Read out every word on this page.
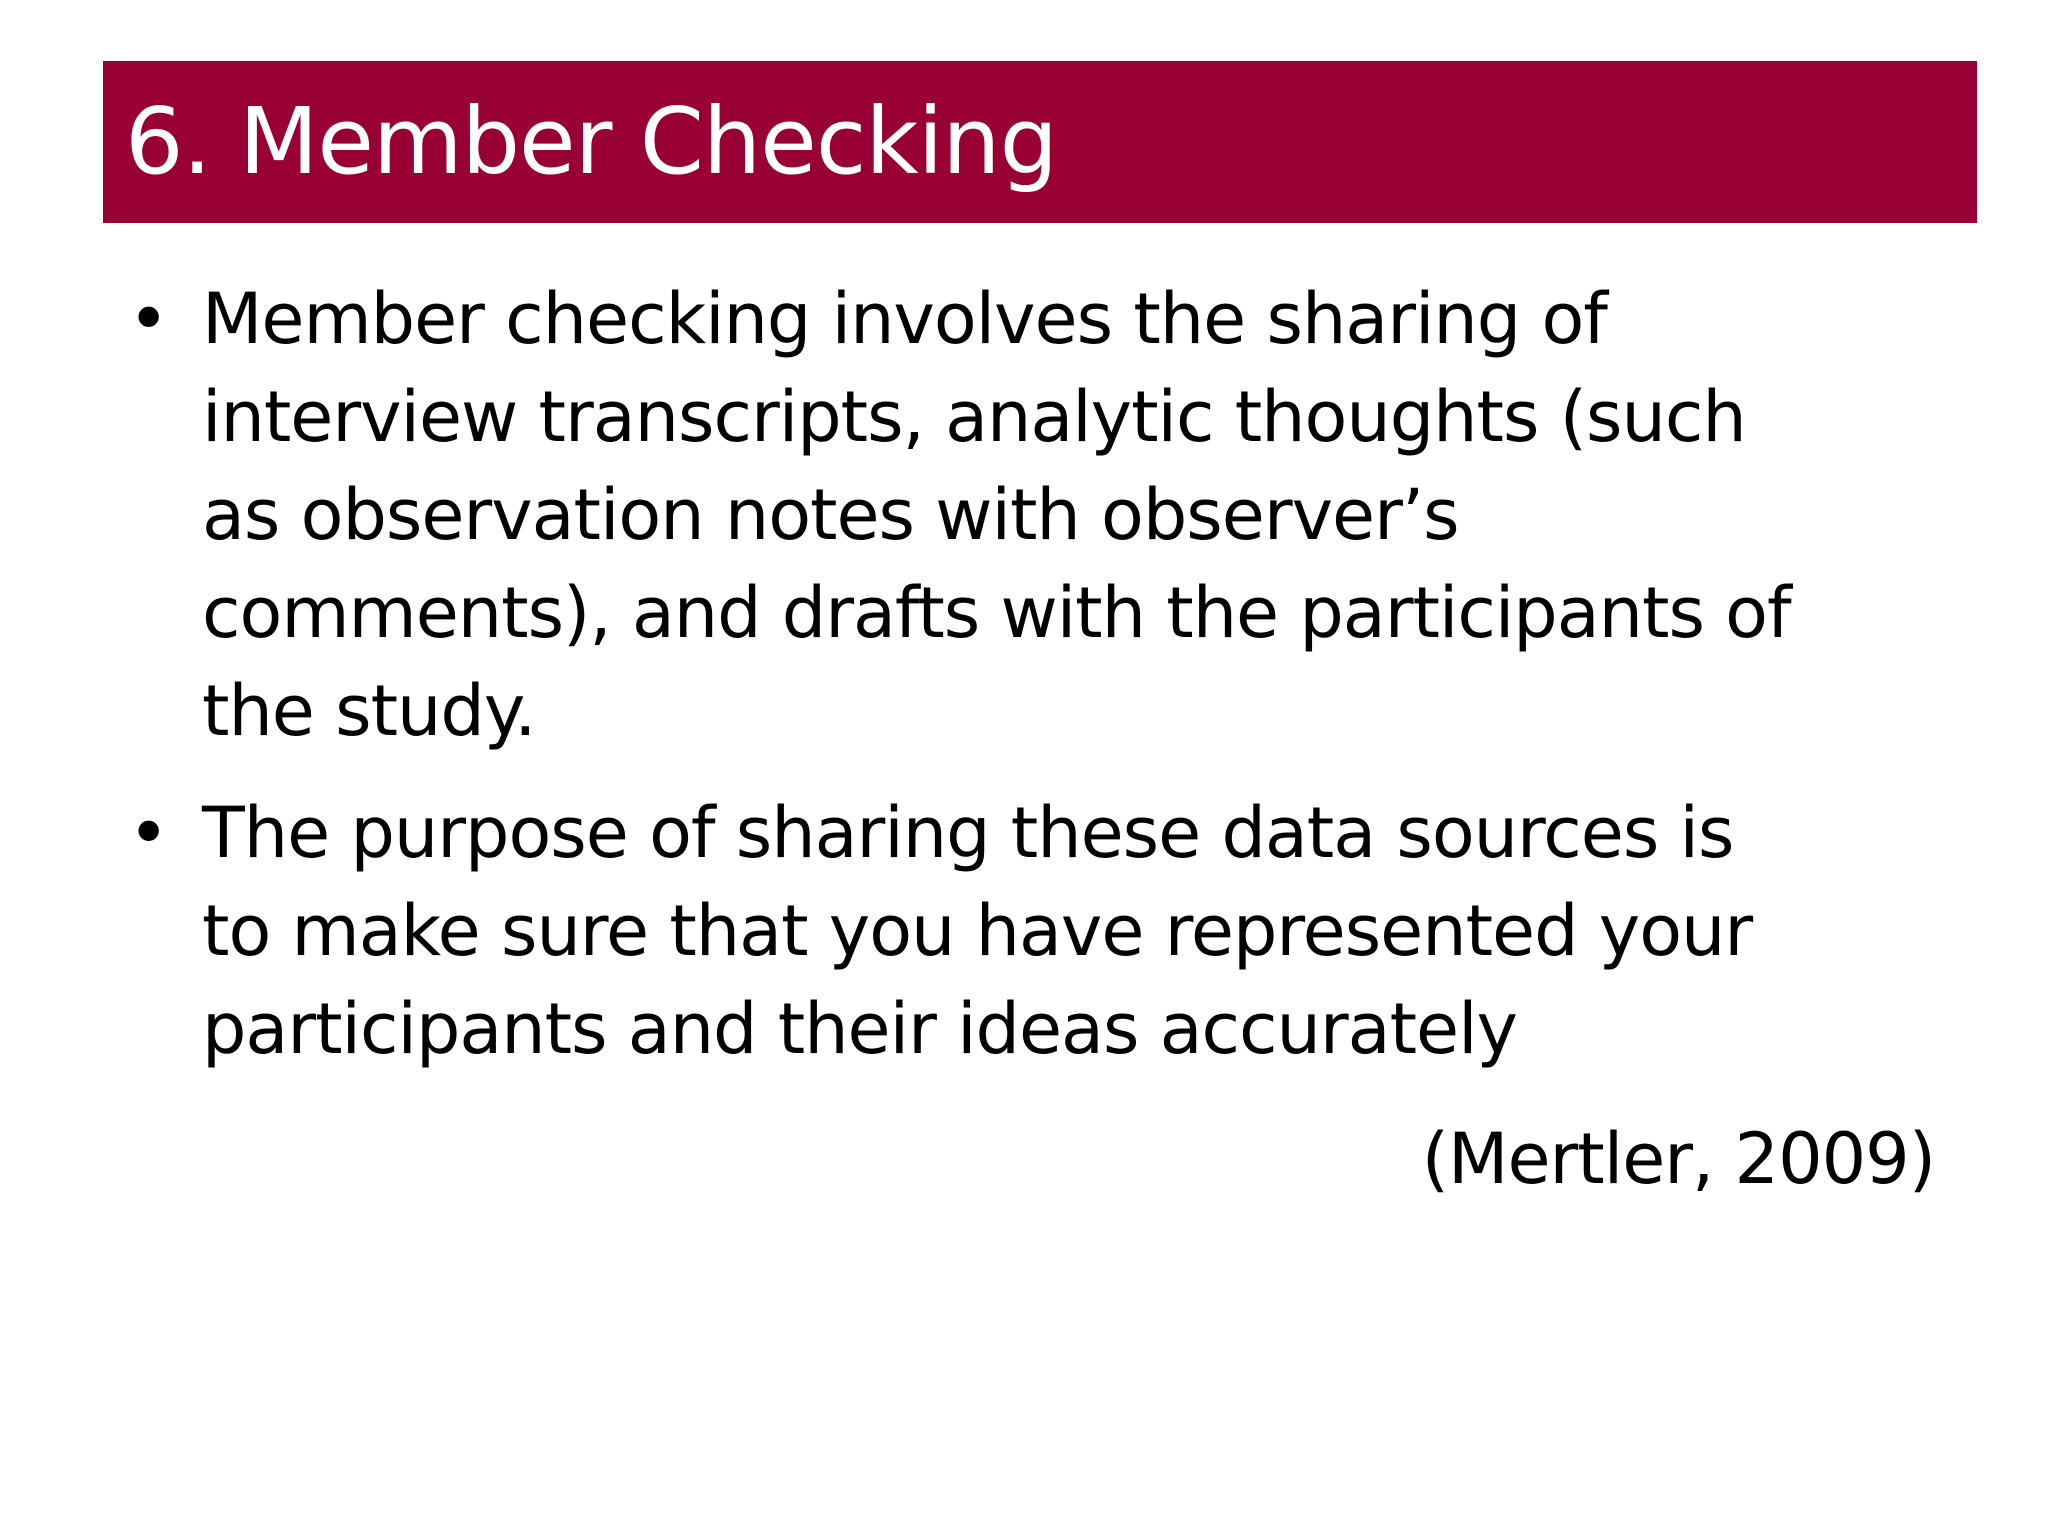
6. Member Checking
• Member checking involves the sharing of
interview transcripts, analytic thoughts (such
as observation notes with observer’s
comments), and drafts with the participants of
the study.
• The purpose of sharing these data sources is
to make sure that you have represented your
participants and their ideas accurately
(Mertler, 2009)
